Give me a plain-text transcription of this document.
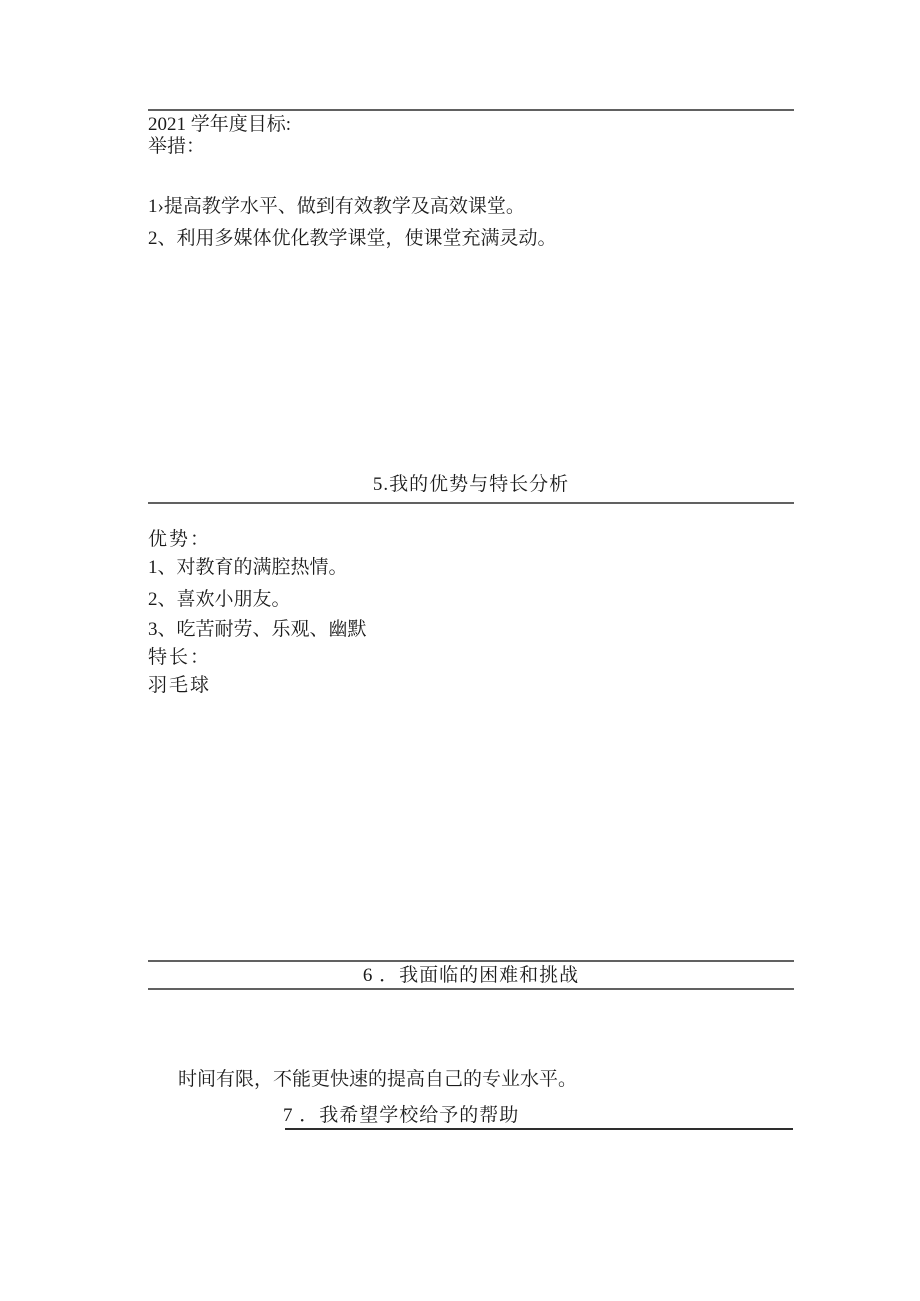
2021 学年度目标:
举措：
1›提高教学水平、做到有效教学及高效课堂。
2、利用多媒体优化教学课堂，使课堂充满灵动。
5.我的优势与特长分析
优势：
1、对教育的满腔热情。
2、喜欢小朋友。
3、吃苦耐劳、乐观、幽默
特长：
羽毛球
6 ．我面临的困难和挑战
时间有限，不能更快速的提高自己的专业水平。
7 ．我希望学校给予的帮助
